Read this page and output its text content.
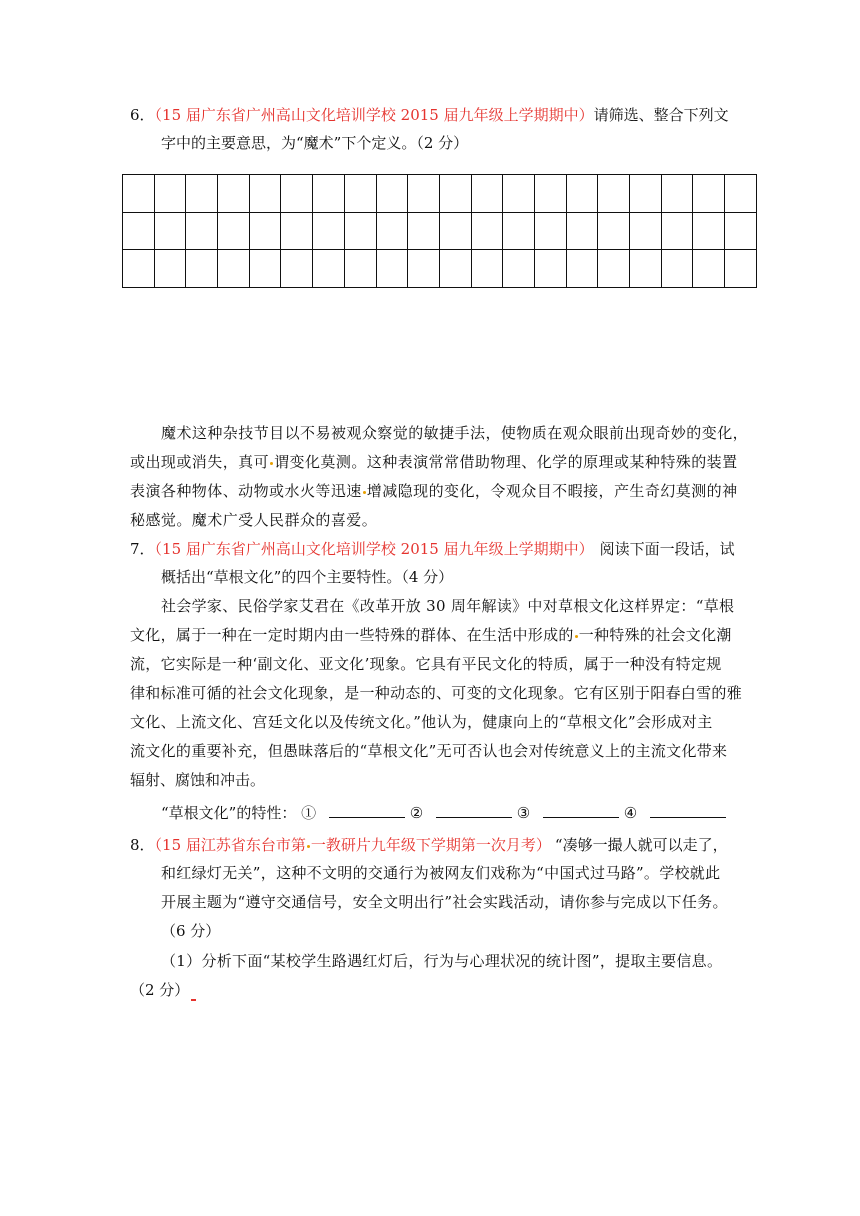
6．（15 届广东省广州高山文化培训学校 2015 届九年级上学期期中）请筛选、整合下列文
字中的主要意思，为“魔术”下个定义。（2 分）

魔术这种杂技节目以不易被观众察觉的敏捷手法，使物质在观众眼前出现奇妙的变化，
或出现或消失，真可 谓变化莫测。这种表演常常借助物理、化学的原理或某种特殊的装置
表演各种物体、动物或水火等迅速 增减隐现的变化，令观众目不暇接，产生奇幻莫测的神
秘感觉。魔术广受人民群众的喜爱。
7．（15 届广东省广州高山文化培训学校 2015 届九年级上学期期中） 阅读下面一段话，试
概括出“草根文化”的四个主要特性。（4 分）
社会学家、民俗学家艾君在《改革开放 30 周年解读》中对草根文化这样界定：“草根
文化，属于一种在一定时期内由一些特殊的群体、在生活中形成的 一种特殊的社会文化潮
流，它实际是一种‘副文化、亚文化’现象。它具有平民文化的特质，属于一种没有特定规
律和标准可循的社会文化现象，是一种动态的、可变的文化现象。它有区别于阳春白雪的雅
文化、上流文化、宫廷文化以及传统文化。”他认为，健康向上的“草根文化”会形成对主
流文化的重要补充，但愚昧落后的“草根文化”无可否认也会对传统意义上的主流文化带来
辐射、腐蚀和冲击。
“草根文化”的特性： ①	②	③	④
8．（15 届江苏省东台市第 一教研片九年级下学期第一次月考） “凑够一撮人就可以走了，
和红绿灯无关”，这种不文明的交通行为被网友们戏称为“中国式过马路”。学校就此
开展主题为“遵守交通信号，安全文明出行”社会实践活动，请你参与完成以下任务。
（6 分）
（1）分析下面“某校学生路遇红灯后，行为与心理状况的统计图”，提取主要信息。
（2 分）
